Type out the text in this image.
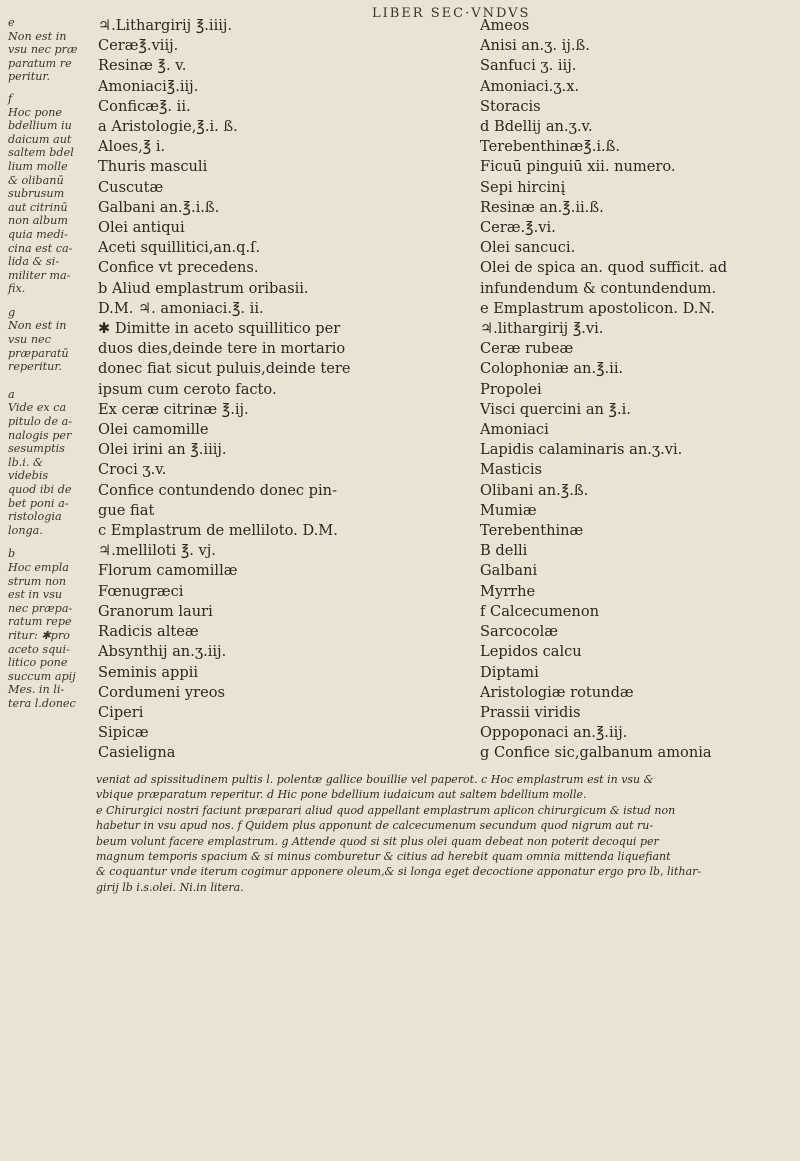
LIBER SEC·VNDVS
e
Non est in
vsu nec præ
paratum re
peritur.
f
Hoc pone
bdellium iu
daicum aut
saltem bdel
lium molle
& olibanū
subrusum
aut citrinū
non album
quia medi-
cina est ca-
lida & si-
militer ma-
fix.
g
Non est in
vsu nec
præparatū
reperitur.
a
Vide ex ca
pitulo de a-
nalogis per
sesumptis
lb.i. &
videbis
quod ibi de
bet poni a-
ristologia
longa.
b
Hoc empla
strum non
est in vsu
nec præpa-
ratum repe
ritur: ✱pro
aceto squi-
litico pone
succum apij
Mes. in li-
tera l.donec
♃.Lithargirij ℥.iiij.
Ceræ℥.viij.
Resinæ ℥. v.
Amoniaci℥.iij.
Conficæ℥. ii.
a Aristologie,℥.i. ß.
Aloes,℥ i.
Thuris masculi
Cuscutæ
Galbani an.℥.i.ß.
Olei antiqui
Aceti squillitici,an.q.ſ.
Confice vt precedens.
b Aliud emplastrum oribasii.
D.M. ♃. amoniaci.℥. ii.
✱ Dimitte in aceto squillitico per
duos dies,deinde tere in mortario
donec fiat sicut puluis,deinde tere
ipsum cum ceroto facto.
Ex ceræ citrinæ ℥.ij.
Olei camomille
Olei irini an ℥.iiij.
Croci ʒ.v.
Confice contundendo donec pin-
gue fiat
c Emplastrum de melliloto. D.M.
♃.melliloti ℥. vj.
Florum camomillæ
Fœnugræci
Granorum lauri
Radicis alteæ
Absynthij an.ʒ.iij.
Seminis appii
Cordumeni yreos
Ciperi
Sipicæ
Casieligna
Ameos
Anisi an.ʒ. ij.ß.
Sanfuci ʒ. iij.
Amoniaci.ʒ.x.
Storacis
d Bdellij an.ʒ.v.
Terebenthinæ℥.i.ß.
Ficuū pinguiū xii. numero.
Sepi hircinį
Resinæ an.℥.ii.ß.
Ceræ.℥.vi.
Olei sancuci.
Olei de spica an. quod sufficit. ad
infundendum & contundendum.
e Emplastrum apostolicon. D.N.
♃.lithargirij ℥.vi.
Ceræ rubeæ
Colophoniæ an.℥.ii.
Propolei
Visci quercini an ℥.i.
Amoniaci
Lapidis calaminaris an.ʒ.vi.
Masticis
Olibani an.℥.ß.
Mumiæ
Terebenthinæ
B delli
Galbani
Myrrhe
f Calcecumenon
Sarcocolæ
Lepidos calcu
Diptami
Aristologiæ rotundæ
Prassii viridis
Oppoponaci an.℥.iij.
g Confice sic,galbanum amonia
veniat ad spissitudinem pultis l. polentæ gallice bouillie vel paperot. c Hoc emplastrum est in vsu &
vbique præparatum reperitur. d Hic pone bdellium iudaicum aut saltem bdellium molle.
e Chirurgici nostri faciunt præparari aliud quod appellant emplastrum aplicon chirurgicum & istud non
habetur in vsu apud nos. f Quidem plus apponunt de calcecumenum secundum quod nigrum aut ru-
beum volunt facere emplastrum. g Attende quod si sit plus olei quam debeat non poterit decoqui per
magnum temporis spacium & si minus comburetur & citius ad herebit quam omnia mittenda liquefiant
& coquantur vnde iterum cogimur apponere oleum,& si longa eget decoctione apponatur ergo pro lb, lithar-
girij lb i.s.olei. Ni.in litera.
